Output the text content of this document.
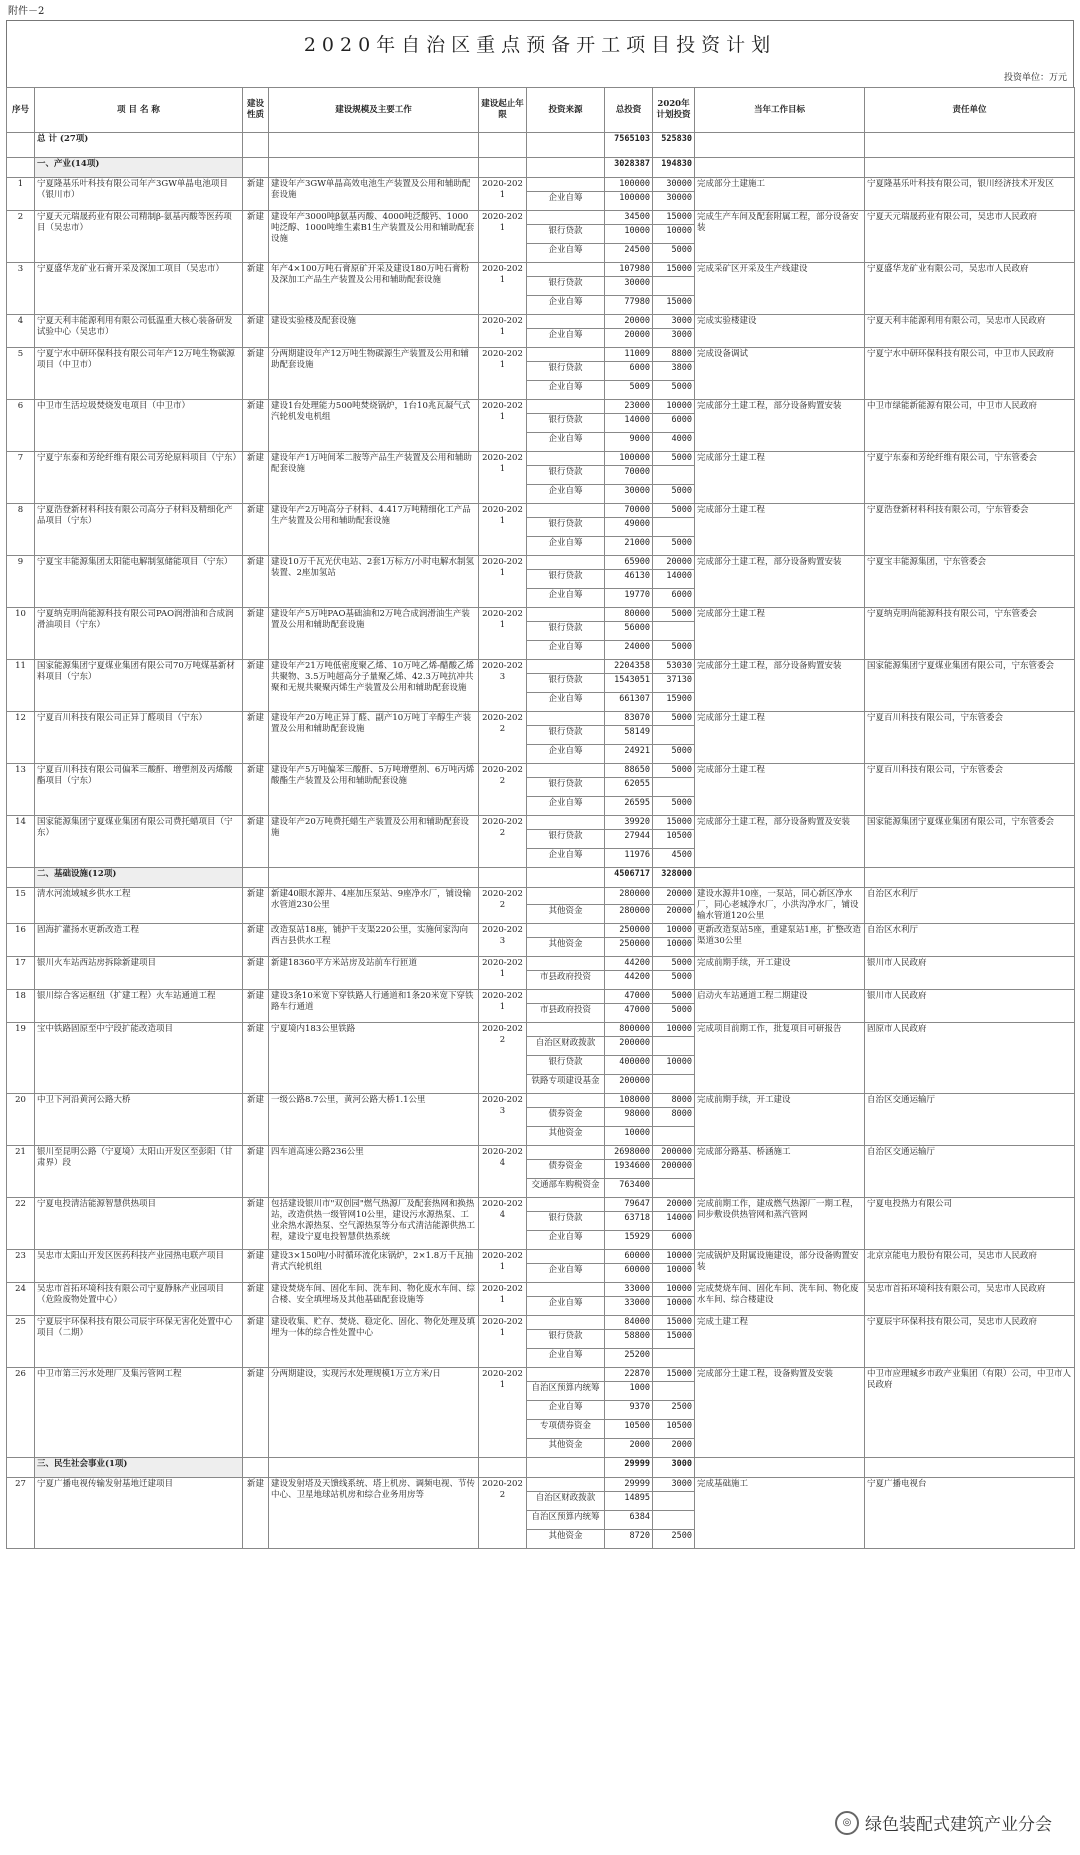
附件－2
2020年自治区重点预备开工项目投资计划
投资单位：万元
序号	项 目 名 称	建设性质	建设规模及主要工作	建设起止年限	投资来源	总投资	2020年计划投资	当年工作目标	责任单位
	总 计 (27项)					7565103	525830		
	一、产业(14项)					3028387	194830		
1	宁夏隆基乐叶科技有限公司年产3GW单晶电池项目（银川市）	新建	建设年产3GW单晶高效电池生产装置及公用和辅助配套设施	2020-2021		100000	30000	完成部分土建施工	宁夏隆基乐叶科技有限公司，银川经济技术开发区
					企业自筹	100000	30000		
2	宁夏天元瑞晟药业有限公司精制β-氨基丙酸等医药项目（吴忠市）	新建	建设年产3000吨β氨基丙酸、4000吨泛酸钙、1000吨泛醇、1000吨维生素B1生产装置及公用和辅助配套设施	2020-2021		34500	15000	完成生产车间及配套附属工程，部分设备安装	宁夏天元瑞晟药业有限公司，吴忠市人民政府
					银行贷款	10000	10000		
					企业自筹	24500	5000		
3	宁夏盛华龙矿业石膏开采及深加工项目（吴忠市）	新建	年产4×100万吨石膏原矿开采及建设180万吨石膏粉及深加工产品生产装置及公用和辅助配套设施	2020-2021		107980	15000	完成采矿区开采及生产线建设	宁夏盛华龙矿业有限公司，吴忠市人民政府
					银行贷款	30000			
					企业自筹	77980	15000		
4	宁夏天利丰能源利用有限公司低温重大核心装备研发试验中心（吴忠市）	新建	建设实验楼及配套设施	2020-2021		20000	3000	完成实验楼建设	宁夏天利丰能源利用有限公司，吴忠市人民政府
					企业自筹	20000	3000		
5	宁夏宁水中研环保科技有限公司年产12万吨生物碳源项目（中卫市）	新建	分两期建设年产12万吨生物碳源生产装置及公用和辅助配套设施	2020-2021		11009	8800	完成设备调试	宁夏宁水中研环保科技有限公司，中卫市人民政府
					银行贷款	6000	3800		
					企业自筹	5009	5000		
6	中卫市生活垃圾焚烧发电项目（中卫市）	新建	建设1台处理能力500吨焚烧锅炉，1台10兆瓦凝气式汽轮机发电机组	2020-2021		23000	10000	完成部分土建工程，部分设备购置安装	中卫市绿能新能源有限公司，中卫市人民政府
					银行贷款	14000	6000		
					企业自筹	9000	4000		
7	宁夏宁东泰和芳纶纤维有限公司芳纶原料项目（宁东）	新建	建设年产1万吨间苯二胺等产品生产装置及公用和辅助配套设施	2020-2021		100000	5000	完成部分土建工程	宁夏宁东泰和芳纶纤维有限公司，宁东管委会
					银行贷款	70000			
					企业自筹	30000	5000		
8	宁夏浩登新材料科技有限公司高分子材料及精细化产品项目（宁东）	新建	建设年产2万吨高分子材料、4.417万吨精细化工产品生产装置及公用和辅助配套设施	2020-2021		70000	5000	完成部分土建工程	宁夏浩登新材料科技有限公司，宁东管委会
					银行贷款	49000			
					企业自筹	21000	5000		
9	宁夏宝丰能源集团太阳能电解制氢储能项目（宁东）	新建	建设10万千瓦光伏电站、2套1万标方/小时电解水制氢装置、2座加氢站	2020-2021		65900	20000	完成部分土建工程，部分设备购置安装	宁夏宝丰能源集团，宁东管委会
					银行贷款	46130	14000		
					企业自筹	19770	6000		
10	宁夏纳克明尚能源科技有限公司PAO润滑油和合成润滑油项目（宁东）	新建	建设年产5万吨PAO基础油和2万吨合成润滑油生产装置及公用和辅助配套设施	2020-2021		80000	5000	完成部分土建工程	宁夏纳克明尚能源科技有限公司，宁东管委会
					银行贷款	56000			
					企业自筹	24000	5000		
11	国家能源集团宁夏煤业集团有限公司70万吨煤基新材料项目（宁东）	新建	建设年产21万吨低密度聚乙烯、10万吨乙烯-醋酸乙烯共聚物、3.5万吨超高分子量聚乙烯、42.3万吨抗冲共聚和无规共聚聚丙烯生产装置及公用和辅助配套设施	2020-2023		2204358	53030	完成部分土建工程，部分设备购置安装	国家能源集团宁夏煤业集团有限公司，宁东管委会
					银行贷款	1543051	37130		
					企业自筹	661307	15900		
12	宁夏百川科技有限公司正异丁醛项目（宁东）	新建	建设年产20万吨正异丁醛、副产10万吨丁辛醇生产装置及公用和辅助配套设施	2020-2022		83070	5000	完成部分土建工程	宁夏百川科技有限公司，宁东管委会
					银行贷款	58149			
					企业自筹	24921	5000		
13	宁夏百川科技有限公司偏苯三酸酐、增塑剂及丙烯酸酯项目（宁东）	新建	建设年产5万吨偏苯三酸酐、5万吨增塑剂、6万吨丙烯酸酯生产装置及公用和辅助配套设施	2020-2022		88650	5000	完成部分土建工程	宁夏百川科技有限公司，宁东管委会
					银行贷款	62055			
					企业自筹	26595	5000		
14	国家能源集团宁夏煤业集团有限公司费托蜡项目（宁东）	新建	建设年产20万吨费托蜡生产装置及公用和辅助配套设施	2020-2022		39920	15000	完成部分土建工程，部分设备购置及安装	国家能源集团宁夏煤业集团有限公司，宁东管委会
					银行贷款	27944	10500		
					企业自筹	11976	4500		
	二、基础设施(12项)					4506717	328000		
15	清水河流域城乡供水工程	新建	新建40眼水源井、4座加压泵站、9座净水厂，铺设输水管道230公里	2020-2022		280000	20000	建设水源井10座，一泵站，同心新区净水厂，同心老城净水厂，小洪沟净水厂，铺设输水管道120公里	自治区水利厅
					其他资金	280000	20000		
16	固海扩灌扬水更新改造工程	新建	改造泵站18座，铺护干支渠220公里，实施何家沟向西吉县供水工程	2020-2023		250000	10000	更新改造泵站5座，重建泵站1座，扩整改造渠道30公里	自治区水利厅
					其他资金	250000	10000		
17	银川火车站西站房拆除新建项目	新建	新建18360平方米站房及站前车行匝道	2020-2021		44200	5000	完成前期手续，开工建设	银川市人民政府
					市县政府投资	44200	5000		
18	银川综合客运枢纽（扩建工程）火车站通道工程	新建	建设3条10米宽下穿铁路人行通道和1条20米宽下穿铁路车行通道	2020-2021		47000	5000	启动火车站通道工程二期建设	银川市人民政府
					市县政府投资	47000	5000		
19	宝中铁路固原至中宁段扩能改造项目	新建	宁夏境内183公里铁路	2020-2022		800000	10000	完成项目前期工作，批复项目可研报告	固原市人民政府
					自治区财政拨款	200000			
					银行贷款	400000	10000		
					铁路专项建设基金	200000			
20	中卫下河沿黄河公路大桥	新建	一级公路8.7公里，黄河公路大桥1.1公里	2020-2023		108000	8000	完成前期手续，开工建设	自治区交通运输厅
					债券资金	98000	8000		
					其他资金	10000			
21	银川至昆明公路（宁夏境）太阳山开发区至彭阳（甘肃界）段	新建	四车道高速公路236公里	2020-2024		2698000	200000	完成部分路基、桥涵施工	自治区交通运输厅
					债券资金	1934600	200000		
					交通部车购税资金	763400			
22	宁夏电投清洁能源智慧供热项目	新建	包括建设银川市"双创园"燃气热源厂及配套热网和换热站，改造供热一级管网10公里，建设污水源热泵、工业余热水源热泵、空气源热泵等分布式清洁能源供热工程，建设宁夏电投智慧供热系统	2020-2024		79647	20000	完成前期工作，建成燃气热源厂一期工程，同步敷设供热管网和蒸汽管网	宁夏电投热力有限公司
					银行贷款	63718	14000		
					企业自筹	15929	6000		
23	吴忠市太阳山开发区医药科技产业园热电联产项目	新建	建设3×150吨/小时循环流化床锅炉，2×1.8万千瓦抽背式汽轮机组	2020-2021		60000	10000	完成锅炉及附属设施建设，部分设备购置安装	北京京能电力股份有限公司，吴忠市人民政府
					企业自筹	60000	10000		
24	吴忠市首拓环境科技有限公司宁夏静脉产业园项目（危险废物处置中心）	新建	建设焚烧车间、固化车间、洗车间、物化废水车间、综合楼、安全填埋场及其他基础配套设施等	2020-2021		33000	10000	完成焚烧车间、固化车间、洗车间、物化废水车间、综合楼建设	吴忠市首拓环境科技有限公司，吴忠市人民政府
					企业自筹	33000	10000		
25	宁夏辰宇环保科技有限公司辰宇环保无害化处置中心项目（二期）	新建	建设收集、贮存、焚烧、稳定化、固化、物化处理及填埋为一体的综合性处置中心	2020-2021		84000	15000	完成土建工程	宁夏辰宇环保科技有限公司，吴忠市人民政府
					银行贷款	58800	15000		
					企业自筹	25200			
26	中卫市第三污水处理厂及集污管网工程	新建	分两期建设，实现污水处理规模1万立方米/日	2020-2021		22870	15000	完成部分土建工程，设备购置及安装	中卫市应理城乡市政产业集团（有限）公司，中卫市人民政府
					自治区预算内统筹	1000			
					企业自筹	9370	2500		
					专项债券资金	10500	10500		
					其他资金	2000	2000		
	三、民生社会事业(1项)					29999	3000		
27	宁夏广播电视传输发射基地迁建项目	新建	建设发射塔及天馈线系统、塔上机房、调频电视、节传中心、卫星地球站机房和综合业务用房等	2020-2022		29999	3000	完成基础施工	宁夏广播电视台
					自治区财政拨款	14895			
					自治区预算内统筹	6384			
					其他资金	8720	2500		
◎ 绿色装配式建筑产业分会
